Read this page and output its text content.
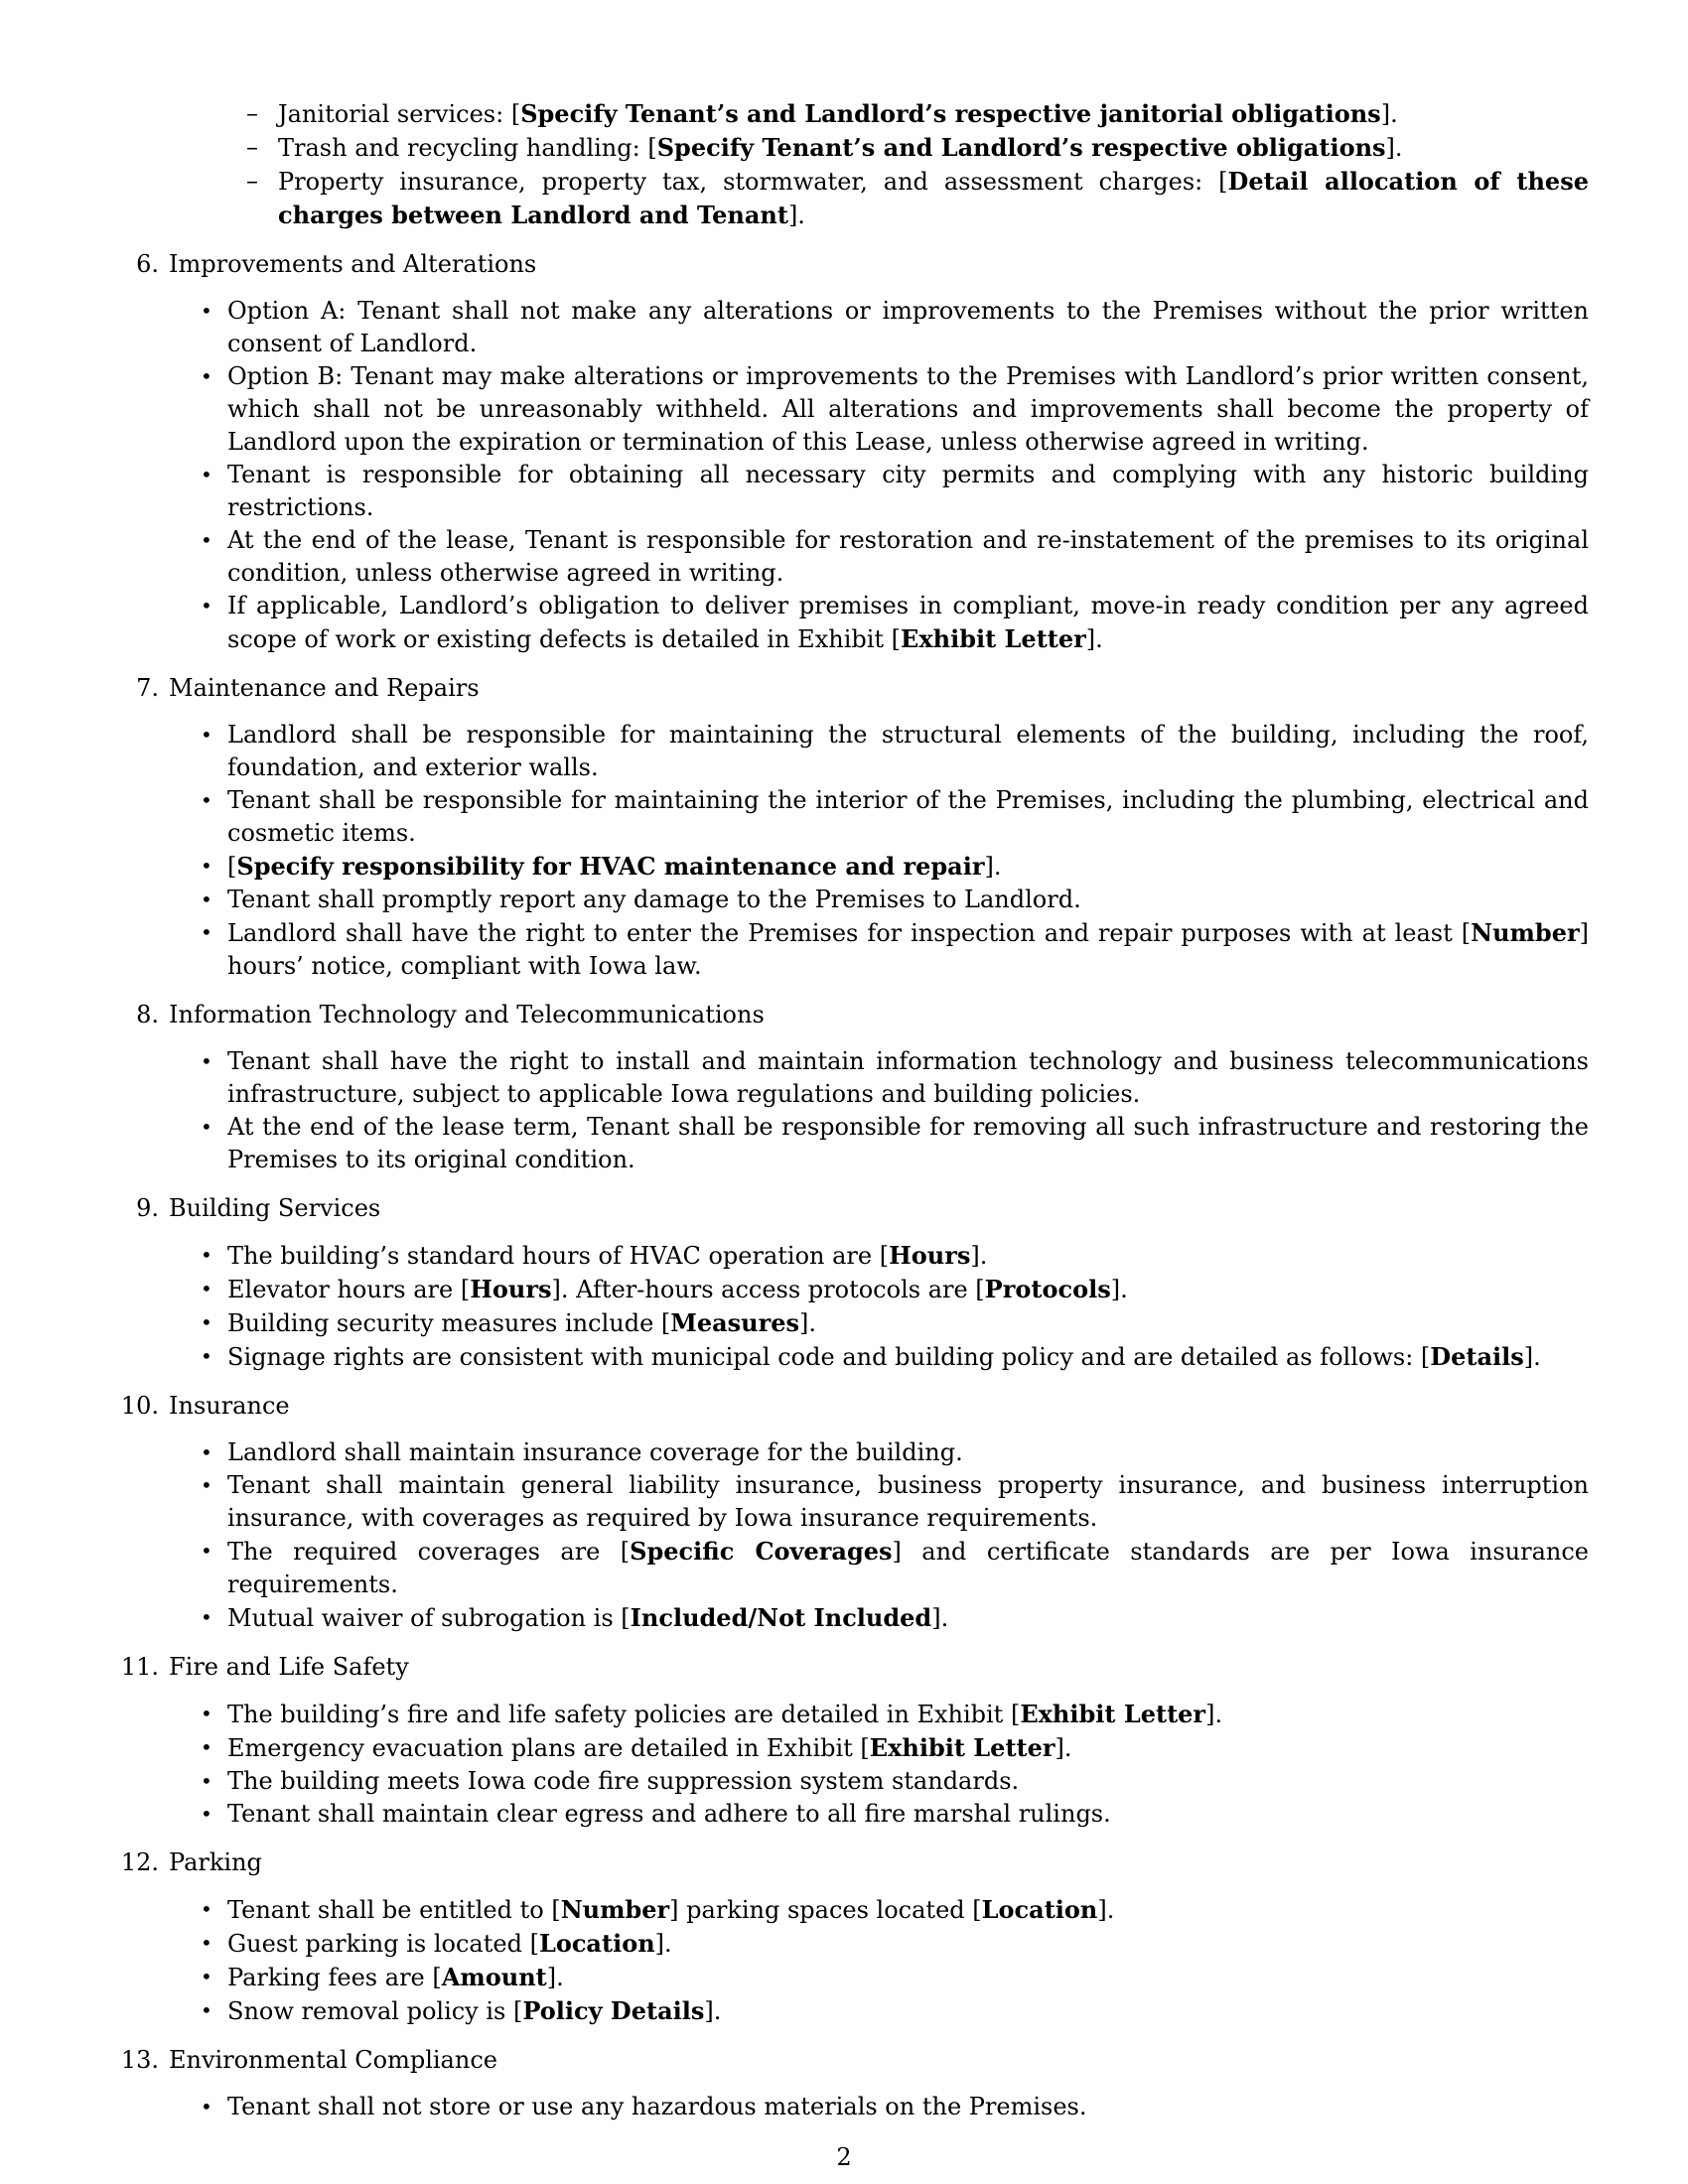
– Janitorial services: [Specify Tenant’s and Landlord’s respective janitorial obligations].
– Trash and recycling handling: [Specify Tenant’s and Landlord’s respective obligations].
– Property insurance, property tax, stormwater, and assessment charges: [Detail allocation of these charges between Landlord and Tenant].
6. Improvements and Alterations
• Option A: Tenant shall not make any alterations or improvements to the Premises without the prior written consent of Landlord.
• Option B: Tenant may make alterations or improvements to the Premises with Landlord’s prior written consent, which shall not be unreasonably withheld. All alterations and improvements shall become the property of Landlord upon the expiration or termination of this Lease, unless otherwise agreed in writing.
• Tenant is responsible for obtaining all necessary city permits and complying with any historic building restrictions.
• At the end of the lease, Tenant is responsible for restoration and re-instatement of the premises to its original condition, unless otherwise agreed in writing.
• If applicable, Landlord’s obligation to deliver premises in compliant, move-in ready condition per any agreed scope of work or existing defects is detailed in Exhibit [Exhibit Letter].
7. Maintenance and Repairs
• Landlord shall be responsible for maintaining the structural elements of the building, including the roof, foundation, and exterior walls.
• Tenant shall be responsible for maintaining the interior of the Premises, including the plumbing, electrical and cosmetic items.
• [Specify responsibility for HVAC maintenance and repair].
• Tenant shall promptly report any damage to the Premises to Landlord.
• Landlord shall have the right to enter the Premises for inspection and repair purposes with at least [Number] hours’ notice, compliant with Iowa law.
8. Information Technology and Telecommunications
• Tenant shall have the right to install and maintain information technology and business telecommunications infrastructure, subject to applicable Iowa regulations and building policies.
• At the end of the lease term, Tenant shall be responsible for removing all such infrastructure and restoring the Premises to its original condition.
9. Building Services
• The building’s standard hours of HVAC operation are [Hours].
• Elevator hours are [Hours]. After-hours access protocols are [Protocols].
• Building security measures include [Measures].
• Signage rights are consistent with municipal code and building policy and are detailed as follows: [Details].
10. Insurance
• Landlord shall maintain insurance coverage for the building.
• Tenant shall maintain general liability insurance, business property insurance, and business interruption insurance, with coverages as required by Iowa insurance requirements.
• The required coverages are [Specific Coverages] and certificate standards are per Iowa insurance requirements.
• Mutual waiver of subrogation is [Included/Not Included].
11. Fire and Life Safety
• The building’s fire and life safety policies are detailed in Exhibit [Exhibit Letter].
• Emergency evacuation plans are detailed in Exhibit [Exhibit Letter].
• The building meets Iowa code fire suppression system standards.
• Tenant shall maintain clear egress and adhere to all fire marshal rulings.
12. Parking
• Tenant shall be entitled to [Number] parking spaces located [Location].
• Guest parking is located [Location].
• Parking fees are [Amount].
• Snow removal policy is [Policy Details].
13. Environmental Compliance
• Tenant shall not store or use any hazardous materials on the Premises.
2
